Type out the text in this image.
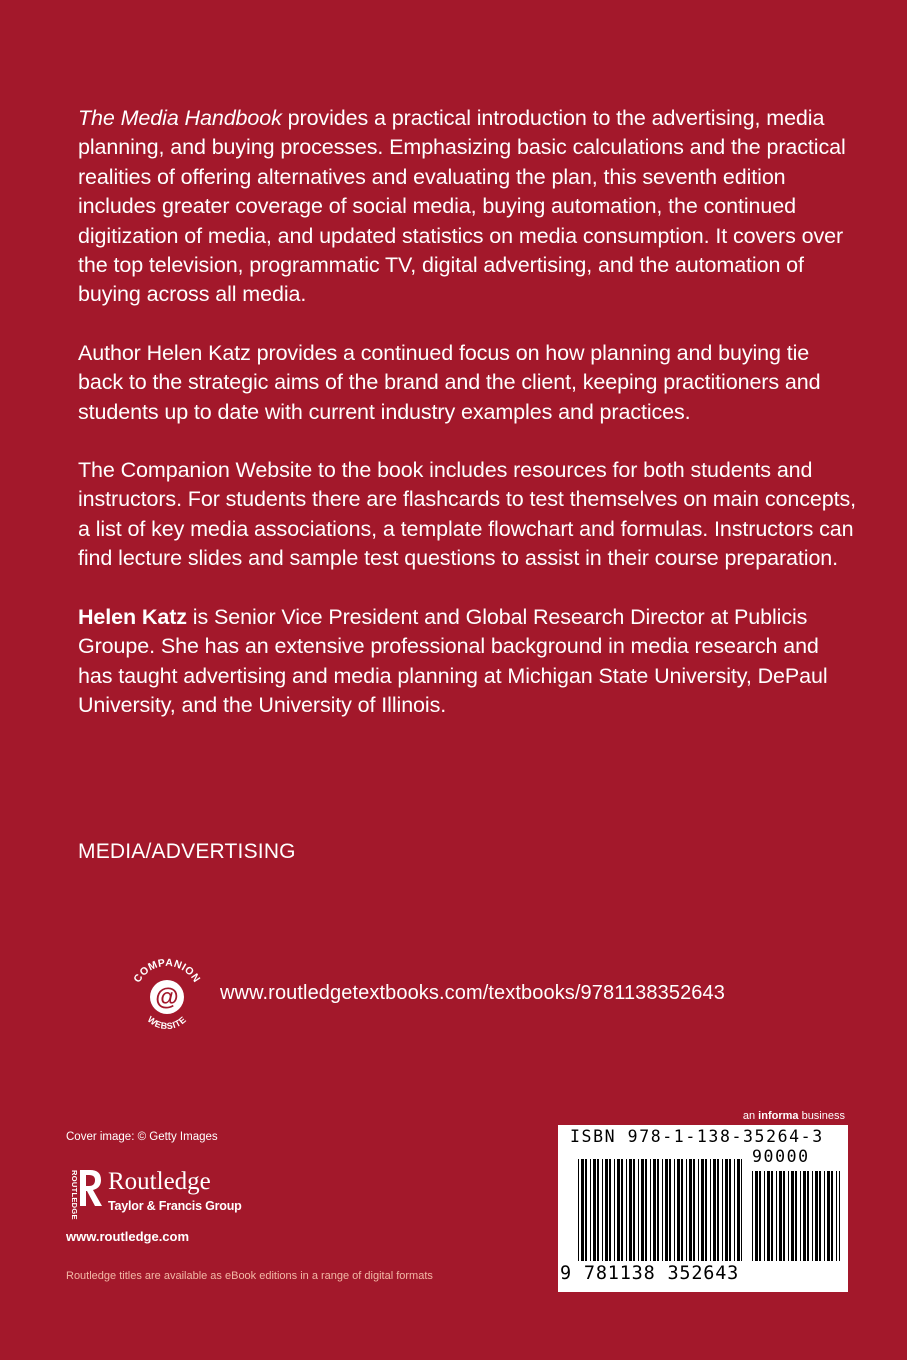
The Media Handbook provides a practical introduction to the advertising, media planning, and buying processes. Emphasizing basic calculations and the practical realities of offering alternatives and evaluating the plan, this seventh edition includes greater coverage of social media, buying automation, the continued digitization of media, and updated statistics on media consumption. It covers over the top television, programmatic TV, digital advertising, and the automation of buying across all media.

Author Helen Katz provides a continued focus on how planning and buying tie back to the strategic aims of the brand and the client, keeping practitioners and students up to date with current industry examples and practices.

The Companion Website to the book includes resources for both students and instructors. For students there are flashcards to test themselves on main concepts, a list of key media associations, a template flowchart and formulas. Instructors can find lecture slides and sample test questions to assist in their course preparation.

Helen Katz is Senior Vice President and Global Research Director at Publicis Groupe. She has an extensive professional background in media research and has taught advertising and media planning at Michigan State University, DePaul University, and the University of Illinois.

MEDIA/ADVERTISING
COMPANION
@
WEBSITE
www.routledgetextbooks.com/textbooks/9781138352643
Cover image: © Getty Images
ROUTLEDGE Routledge
Taylor & Francis Group
www.routledge.com
Routledge titles are available as eBook editions in a range of digital formats
an informa business
ISBN 978-1-138-35264-3
90000
9 781138 352643
